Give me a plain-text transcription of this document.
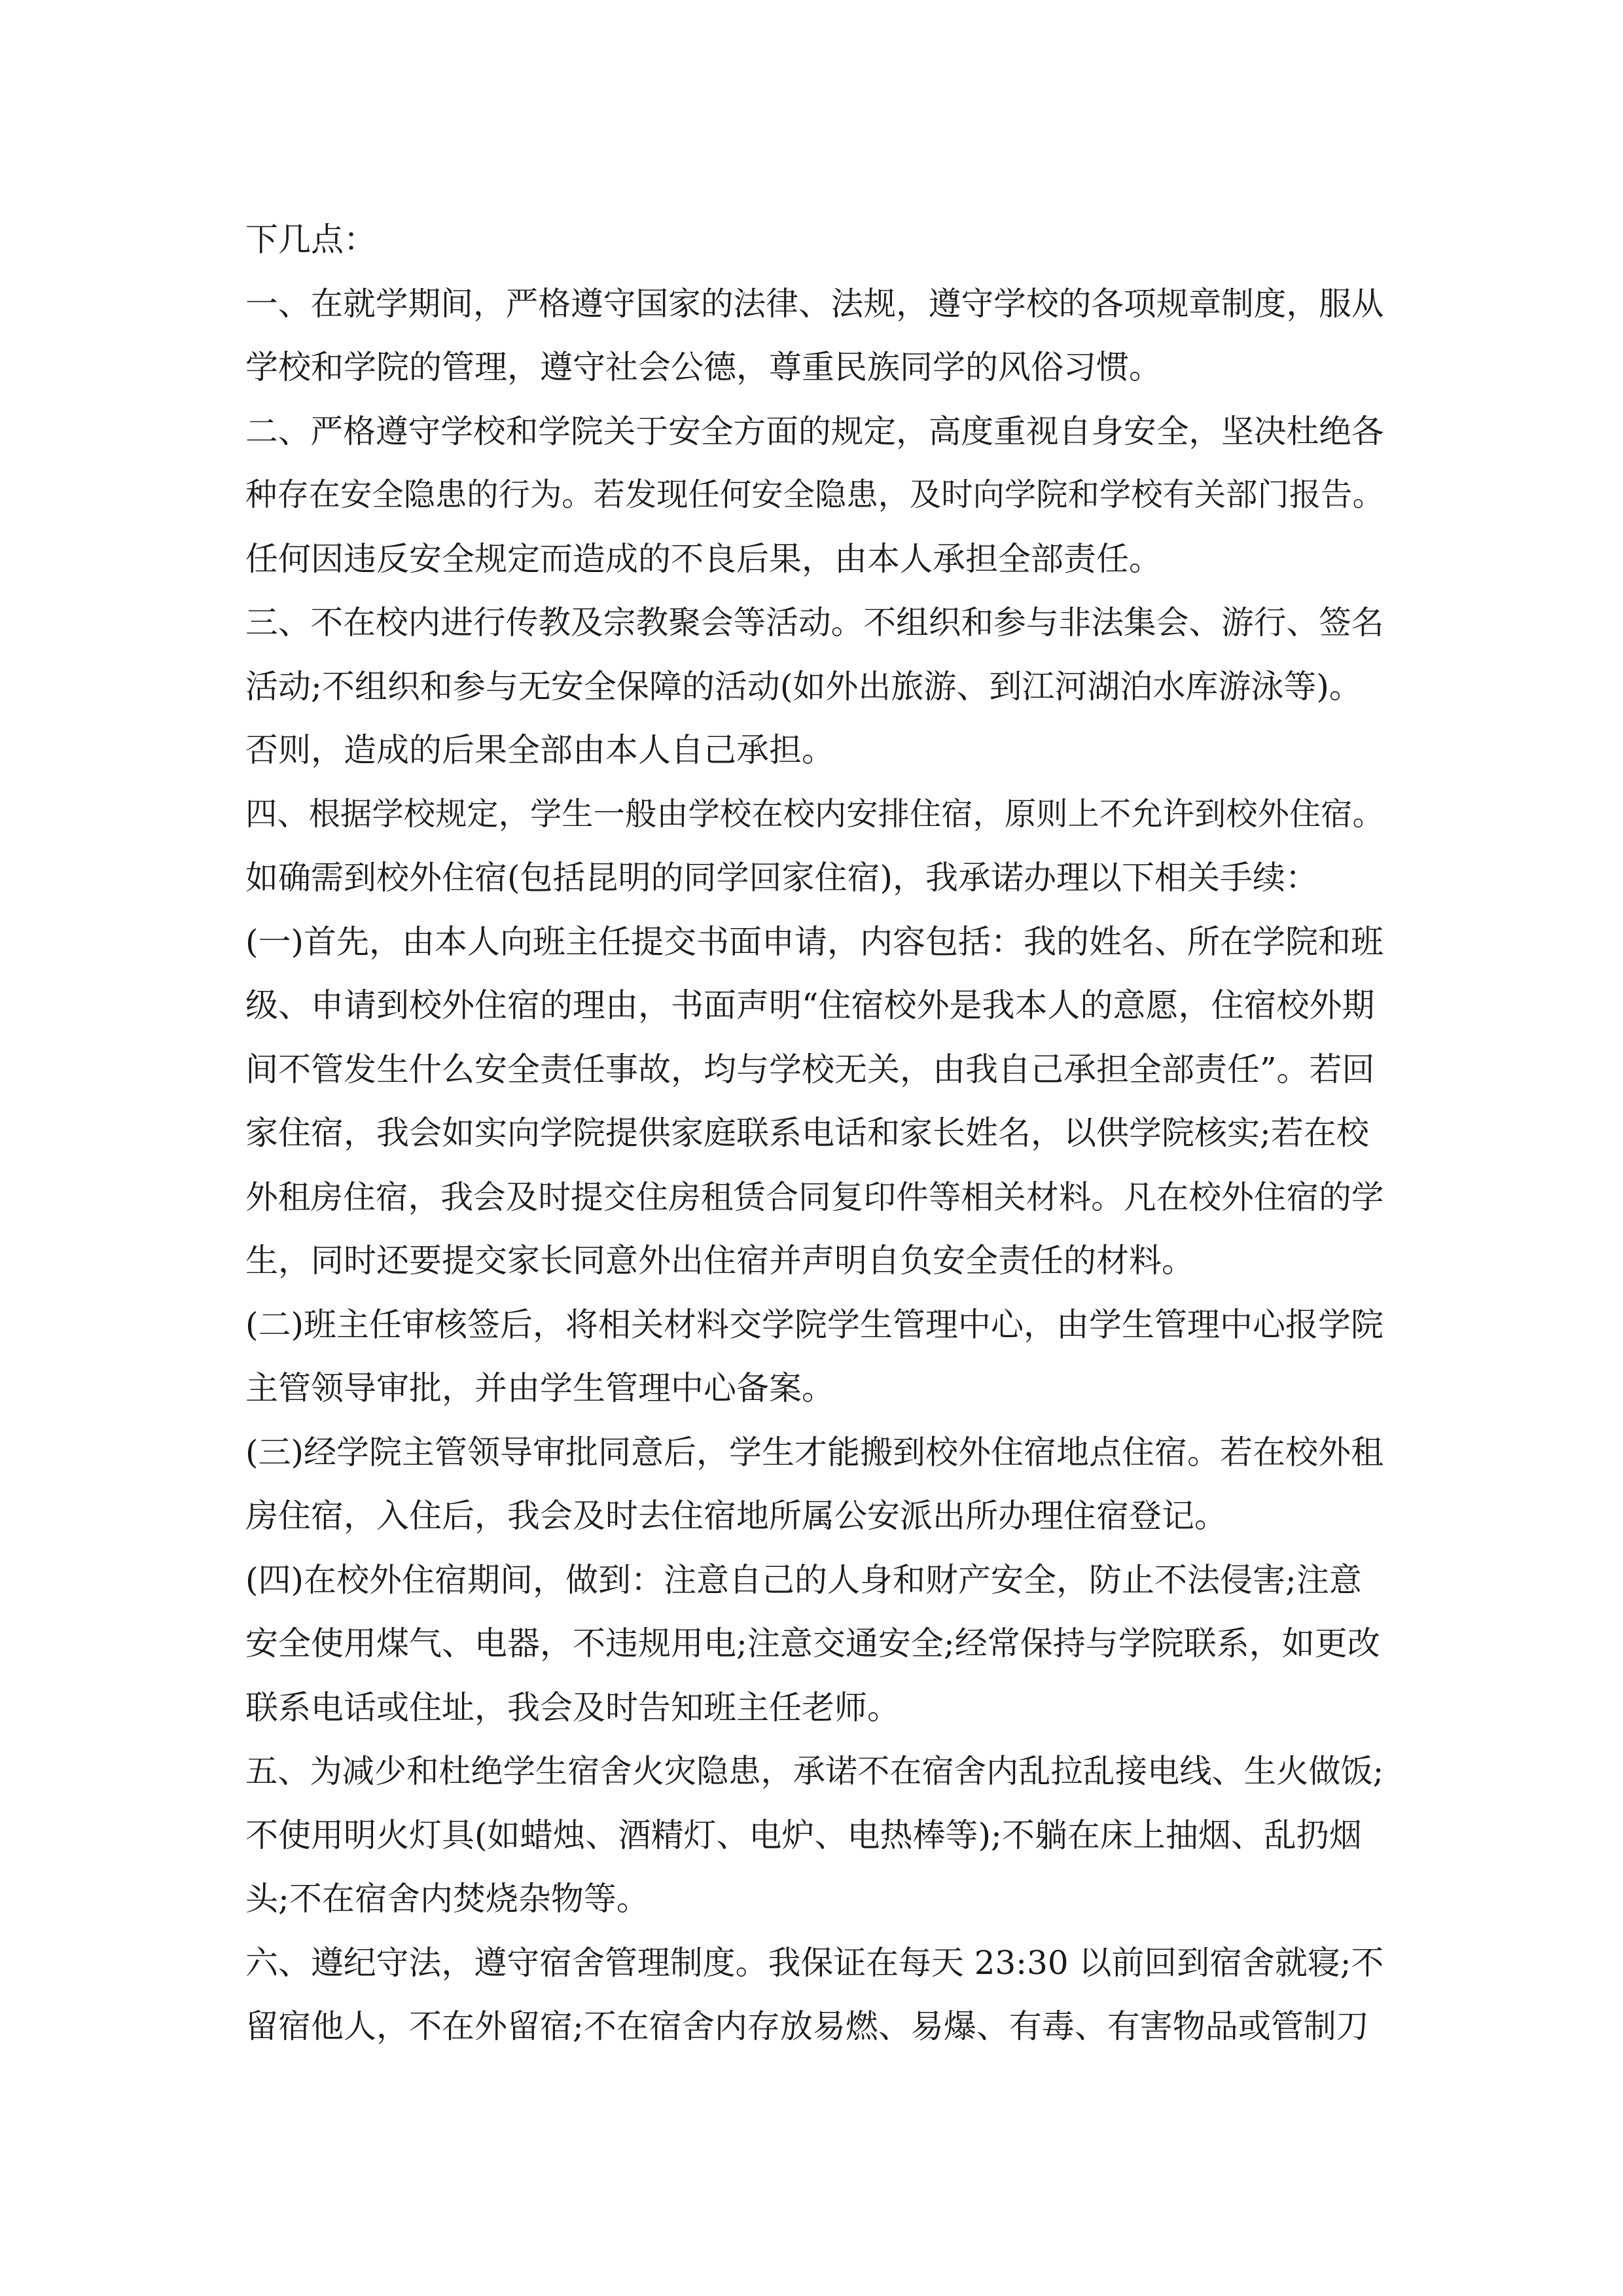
下几点：
一、在就学期间，严格遵守国家的法律、法规，遵守学校的各项规章制度，服从
学校和学院的管理，遵守社会公德，尊重民族同学的风俗习惯。
二、严格遵守学校和学院关于安全方面的规定，高度重视自身安全，坚决杜绝各
种存在安全隐患的行为。若发现任何安全隐患，及时向学院和学校有关部门报告。
任何因违反安全规定而造成的不良后果，由本人承担全部责任。
三、不在校内进行传教及宗教聚会等活动。不组织和参与非法集会、游行、签名
活动;不组织和参与无安全保障的活动(如外出旅游、到江河湖泊水库游泳等)。
否则，造成的后果全部由本人自己承担。
四、根据学校规定，学生一般由学校在校内安排住宿，原则上不允许到校外住宿。
如确需到校外住宿(包括昆明的同学回家住宿)，我承诺办理以下相关手续：
(一)首先，由本人向班主任提交书面申请，内容包括：我的姓名、所在学院和班
级、申请到校外住宿的理由，书面声明“住宿校外是我本人的意愿，住宿校外期
间不管发生什么安全责任事故，均与学校无关，由我自己承担全部责任”。若回
家住宿，我会如实向学院提供家庭联系电话和家长姓名，以供学院核实;若在校
外租房住宿，我会及时提交住房租赁合同复印件等相关材料。凡在校外住宿的学
生，同时还要提交家长同意外出住宿并声明自负安全责任的材料。
(二)班主任审核签后，将相关材料交学院学生管理中心，由学生管理中心报学院
主管领导审批，并由学生管理中心备案。
(三)经学院主管领导审批同意后，学生才能搬到校外住宿地点住宿。若在校外租
房住宿，入住后，我会及时去住宿地所属公安派出所办理住宿登记。
(四)在校外住宿期间，做到：注意自己的人身和财产安全，防止不法侵害;注意
安全使用煤气、电器，不违规用电;注意交通安全;经常保持与学院联系，如更改
联系电话或住址，我会及时告知班主任老师。
五、为减少和杜绝学生宿舍火灾隐患，承诺不在宿舍内乱拉乱接电线、生火做饭;
不使用明火灯具(如蜡烛、酒精灯、电炉、电热棒等);不躺在床上抽烟、乱扔烟
头;不在宿舍内焚烧杂物等。
六、遵纪守法，遵守宿舍管理制度。我保证在每天 23:30 以前回到宿舍就寝;不
留宿他人，不在外留宿;不在宿舍内存放易燃、易爆、有毒、有害物品或管制刀
